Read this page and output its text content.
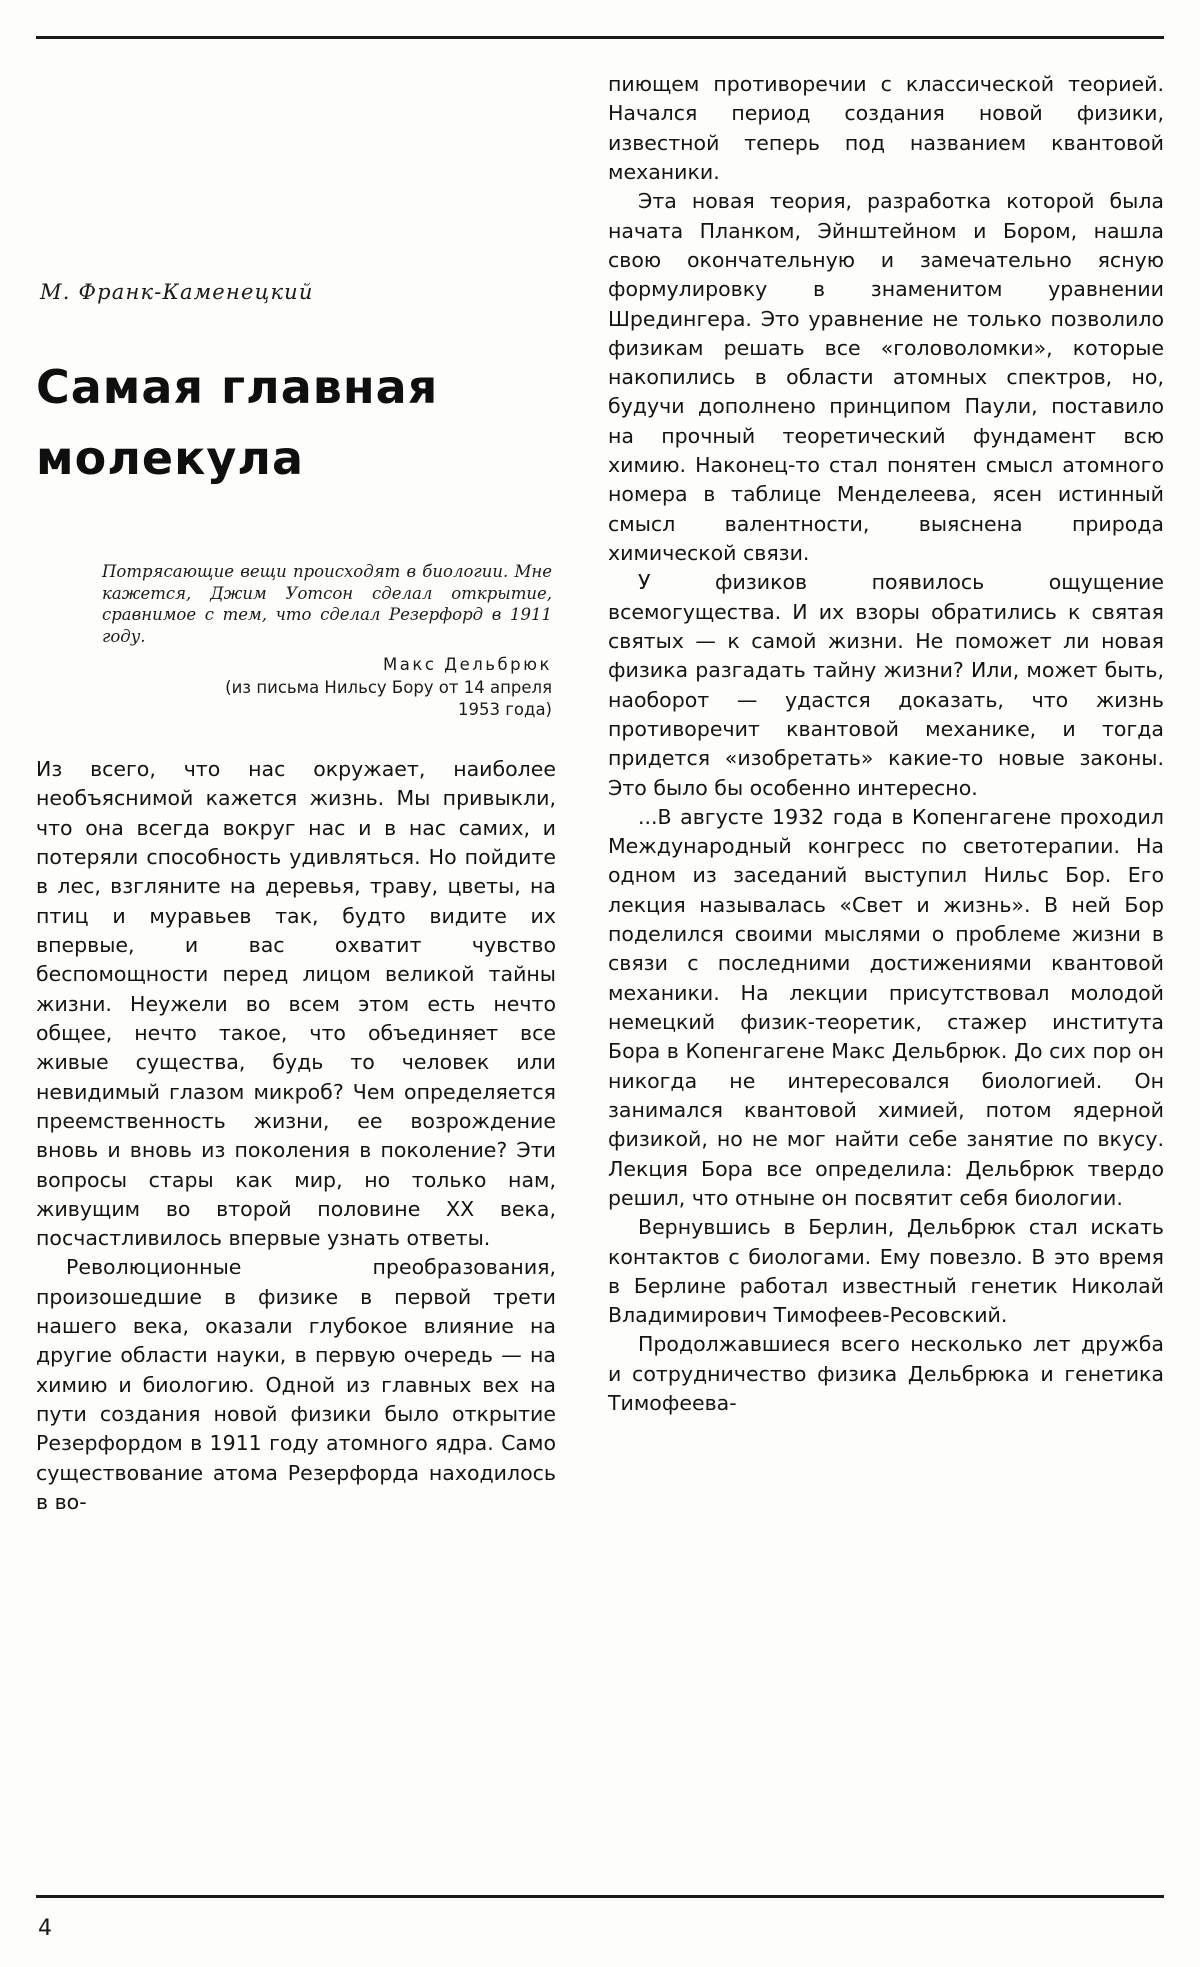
М. Франк-Каменецкий
Самая главная
молекула

Потрясающие вещи происходят в биологии. Мне кажется, Джим Уотсон сделал открытие, сравнимое с тем, что сделал Резерфорд в 1911 году.

Макс Дельбрюк
(из письма Нильсу Бору от 14 апреля
1953 года)

Из всего, что нас окружает, наиболее необъяснимой кажется жизнь. Мы привыкли, что она всегда вокруг нас и в нас самих, и потеряли способность удивляться. Но пойдите в лес, взгляните на деревья, траву, цветы, на птиц и муравьев так, будто видите их впервые, и вас охватит чувство беспомощности перед лицом великой тайны жизни. Неужели во всем этом есть нечто общее, нечто такое, что объединяет все живые существа, будь то человек или невидимый глазом микроб? Чем определяется преемственность жизни, ее возрождение вновь и вновь из поколения в поколение? Эти вопросы стары как мир, но только нам, живущим во второй половине XX века, посчастливилось впервые узнать ответы.

Революционные преобразования, произошедшие в физике в первой трети нашего века, оказали глубокое влияние на другие области науки, в первую очередь — на химию и биологию. Одной из главных вех на пути создания новой физики было открытие Резерфордом в 1911 году атомного ядра. Само существование атома Резерфорда находилось в во-

пиющем противоречии с классической теорией. Начался период создания новой физики, известной теперь под названием квантовой механики.

Эта новая теория, разработка которой была начата Планком, Эйнштейном и Бором, нашла свою окончательную и замечательно ясную формулировку в знаменитом уравнении Шредингера. Это уравнение не только позволило физикам решать все «головоломки», которые накопились в области атомных спектров, но, будучи дополнено принципом Паули, поставило на прочный теоретический фундамент всю химию. Наконец-то стал понятен смысл атомного номера в таблице Менделеева, ясен истинный смысл валентности, выяснена природа химической связи.

У физиков появилось ощущение всемогущества. И их взоры обратились к святая святых — к самой жизни. Не поможет ли новая физика разгадать тайну жизни? Или, может быть, наоборот — удастся доказать, что жизнь противоречит квантовой механике, и тогда придется «изобретать» какие-то новые законы. Это было бы особенно интересно.

...В августе 1932 года в Копенгагене проходил Международный конгресс по светотерапии. На одном из заседаний выступил Нильс Бор. Его лекция называлась «Свет и жизнь». В ней Бор поделился своими мыслями о проблеме жизни в связи с последними достижениями квантовой механики. На лекции присутствовал молодой немецкий физик-теоретик, стажер института Бора в Копенгагене Макс Дельбрюк. До сих пор он никогда не интересовался биологией. Он занимался квантовой химией, потом ядерной физикой, но не мог найти себе занятие по вкусу. Лекция Бора все определила: Дельбрюк твердо решил, что отныне он посвятит себя биологии.

Вернувшись в Берлин, Дельбрюк стал искать контактов с биологами. Ему повезло. В это время в Берлине работал известный генетик Николай Владимирович Тимофеев-Ресовский.

Продолжавшиеся всего несколько лет дружба и сотрудничество физика Дельбрюка и генетика Тимофеева-

4
